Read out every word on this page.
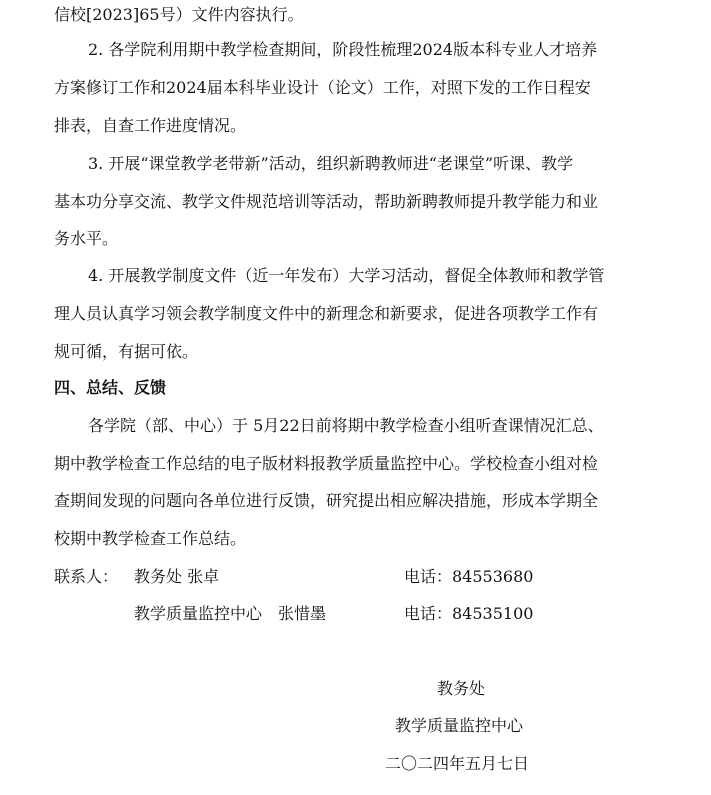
信校[2023]65号）文件内容执行。
2. 各学院利用期中教学检查期间，阶段性梳理2024版本科专业人才培养
方案修订工作和2024届本科毕业设计（论文）工作，对照下发的工作日程安
排表，自查工作进度情况。
3. 开展“课堂教学老带新”活动，组织新聘教师进“老课堂”听课、教学
基本功分享交流、教学文件规范培训等活动，帮助新聘教师提升教学能力和业
务水平。
4. 开展教学制度文件（近一年发布）大学习活动，督促全体教师和教学管
理人员认真学习领会教学制度文件中的新理念和新要求，促进各项教学工作有
规可循，有据可依。
四、总结、反馈
各学院（部、中心）于 5月22日前将期中教学检查小组听查课情况汇总、
期中教学检查工作总结的电子版材料报教学质量监控中心。学校检查小组对检
查期间发现的问题向各单位进行反馈，研究提出相应解决措施，形成本学期全
校期中教学检查工作总结。
联系人： 教务处 张卓	电话：84553680
教学质量监控中心　张惜墨	电话：84535100
教务处
教学质量监控中心
二〇二四年五月七日
